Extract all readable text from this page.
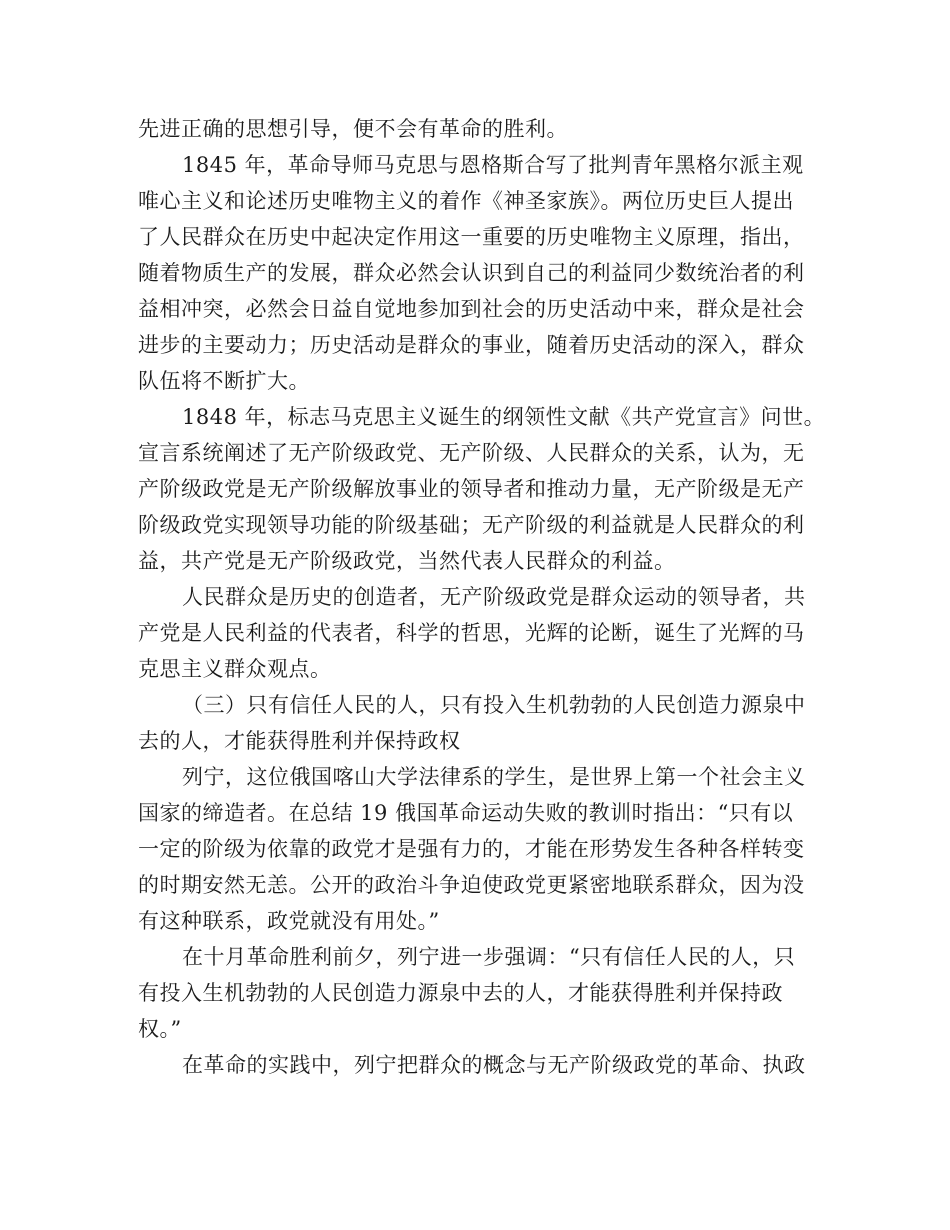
先进正确的思想引导，便不会有革命的胜利。
1845 年，革命导师马克思与恩格斯合写了批判青年黑格尔派主观
唯心主义和论述历史唯物主义的着作《神圣家族》。两位历史巨人提出
了人民群众在历史中起决定作用这一重要的历史唯物主义原理，指出，
随着物质生产的发展，群众必然会认识到自己的利益同少数统治者的利
益相冲突，必然会日益自觉地参加到社会的历史活动中来，群众是社会
进步的主要动力；历史活动是群众的事业，随着历史活动的深入，群众
队伍将不断扩大。
1848 年，标志马克思主义诞生的纲领性文献《共产党宣言》问世。
宣言系统阐述了无产阶级政党、无产阶级、人民群众的关系，认为，无
产阶级政党是无产阶级解放事业的领导者和推动力量，无产阶级是无产
阶级政党实现领导功能的阶级基础；无产阶级的利益就是人民群众的利
益，共产党是无产阶级政党，当然代表人民群众的利益。
人民群众是历史的创造者，无产阶级政党是群众运动的领导者，共
产党是人民利益的代表者，科学的哲思，光辉的论断，诞生了光辉的马
克思主义群众观点。
（三）只有信任人民的人，只有投入生机勃勃的人民创造力源泉中
去的人，才能获得胜利并保持政权
列宁，这位俄国喀山大学法律系的学生，是世界上第一个社会主义
国家的缔造者。在总结 19 俄国革命运动失败的教训时指出：“只有以
一定的阶级为依靠的政党才是强有力的，才能在形势发生各种各样转变
的时期安然无恙。公开的政治斗争迫使政党更紧密地联系群众，因为没
有这种联系，政党就没有用处。”
在十月革命胜利前夕，列宁进一步强调：“只有信任人民的人，只
有投入生机勃勃的人民创造力源泉中去的人，才能获得胜利并保持政
权。”
在革命的实践中，列宁把群众的概念与无产阶级政党的革命、执政
